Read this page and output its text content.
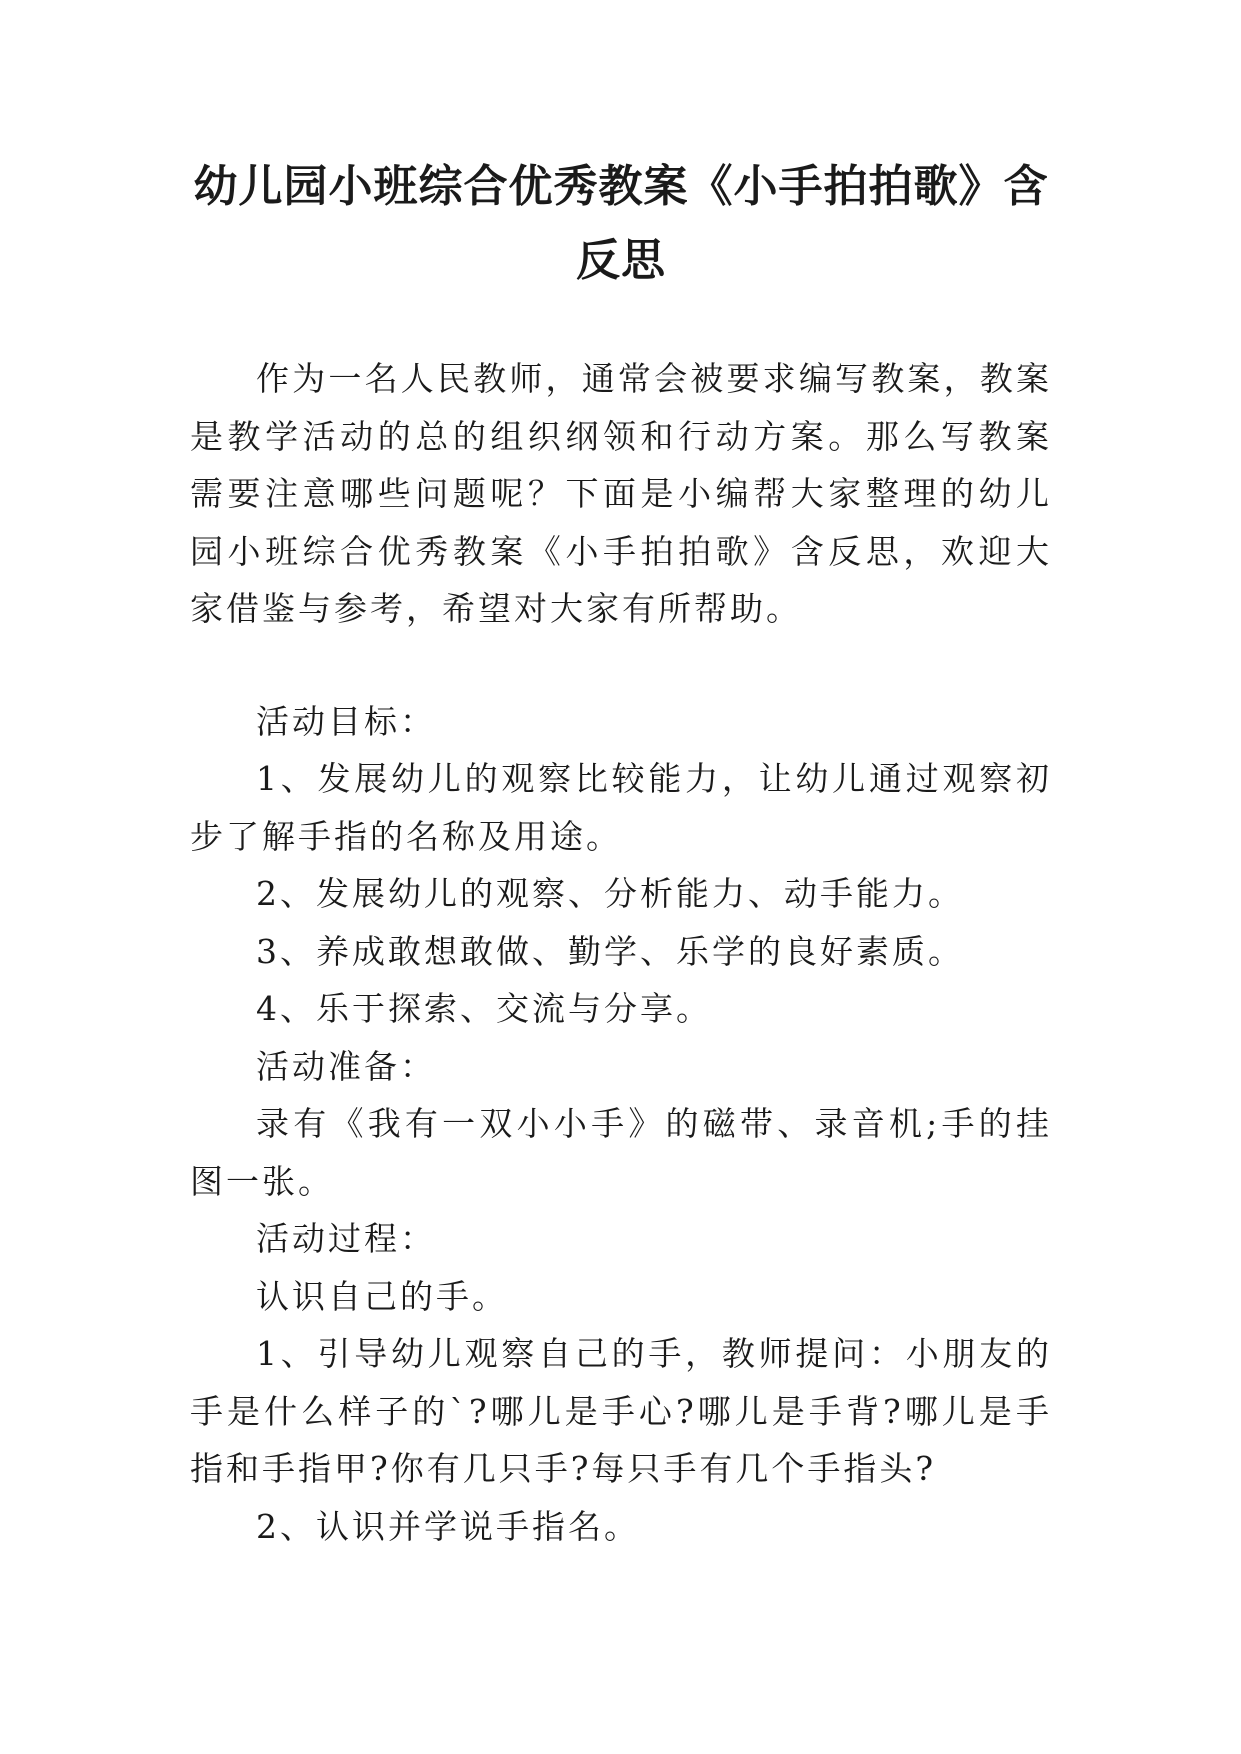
幼儿园小班综合优秀教案《小手拍拍歌》含反思

作为一名人民教师，通常会被要求编写教案，教案是教学活动的总的组织纲领和行动方案。那么写教案需要注意哪些问题呢？下面是小编帮大家整理的幼儿园小班综合优秀教案《小手拍拍歌》含反思，欢迎大家借鉴与参考，希望对大家有所帮助。

活动目标：

1、发展幼儿的观察比较能力，让幼儿通过观察初步了解手指的名称及用途。

2、发展幼儿的观察、分析能力、动手能力。

3、养成敢想敢做、勤学、乐学的良好素质。

4、乐于探索、交流与分享。

活动准备：

录有《我有一双小小手》的磁带、录音机;手的挂图一张。

活动过程：

认识自己的手。

1、引导幼儿观察自己的手，教师提问：小朋友的手是什么样子的`?哪儿是手心?哪儿是手背?哪儿是手指和手指甲?你有几只手?每只手有几个手指头?

2、认识并学说手指名。
